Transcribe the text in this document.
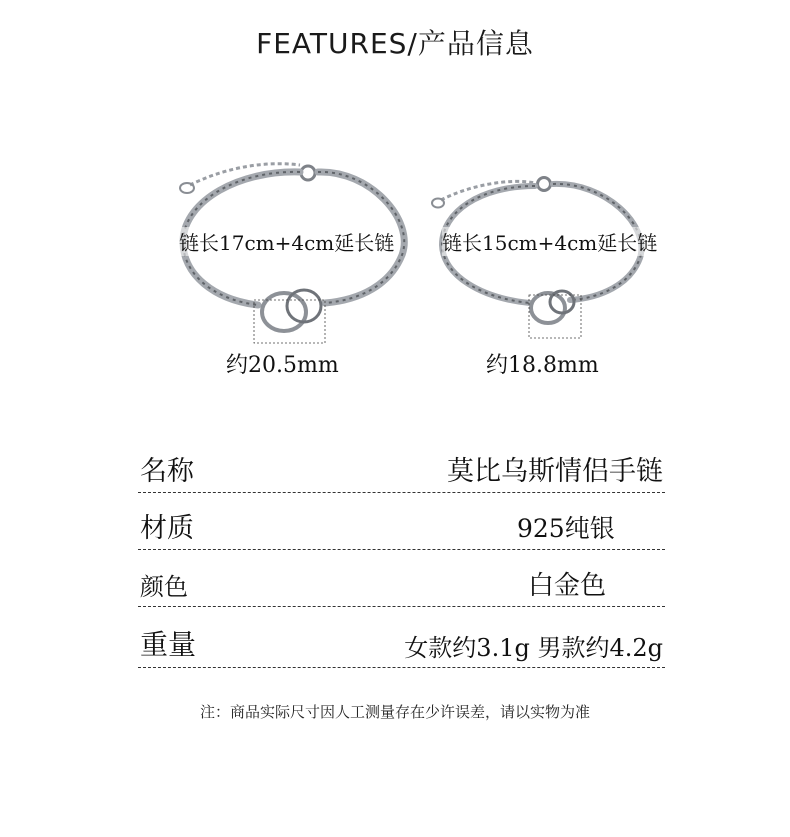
FEATURES/产品信息
链长17cm+4cm延长链
约20.5mm
链长15cm+4cm延长链
约18.8mm
名称	莫比乌斯情侣手链
材质	925纯银
颜色	白金色
重量	女款约3.1g 男款约4.2g
注：商品实际尺寸因人工测量存在少许误差，请以实物为准
